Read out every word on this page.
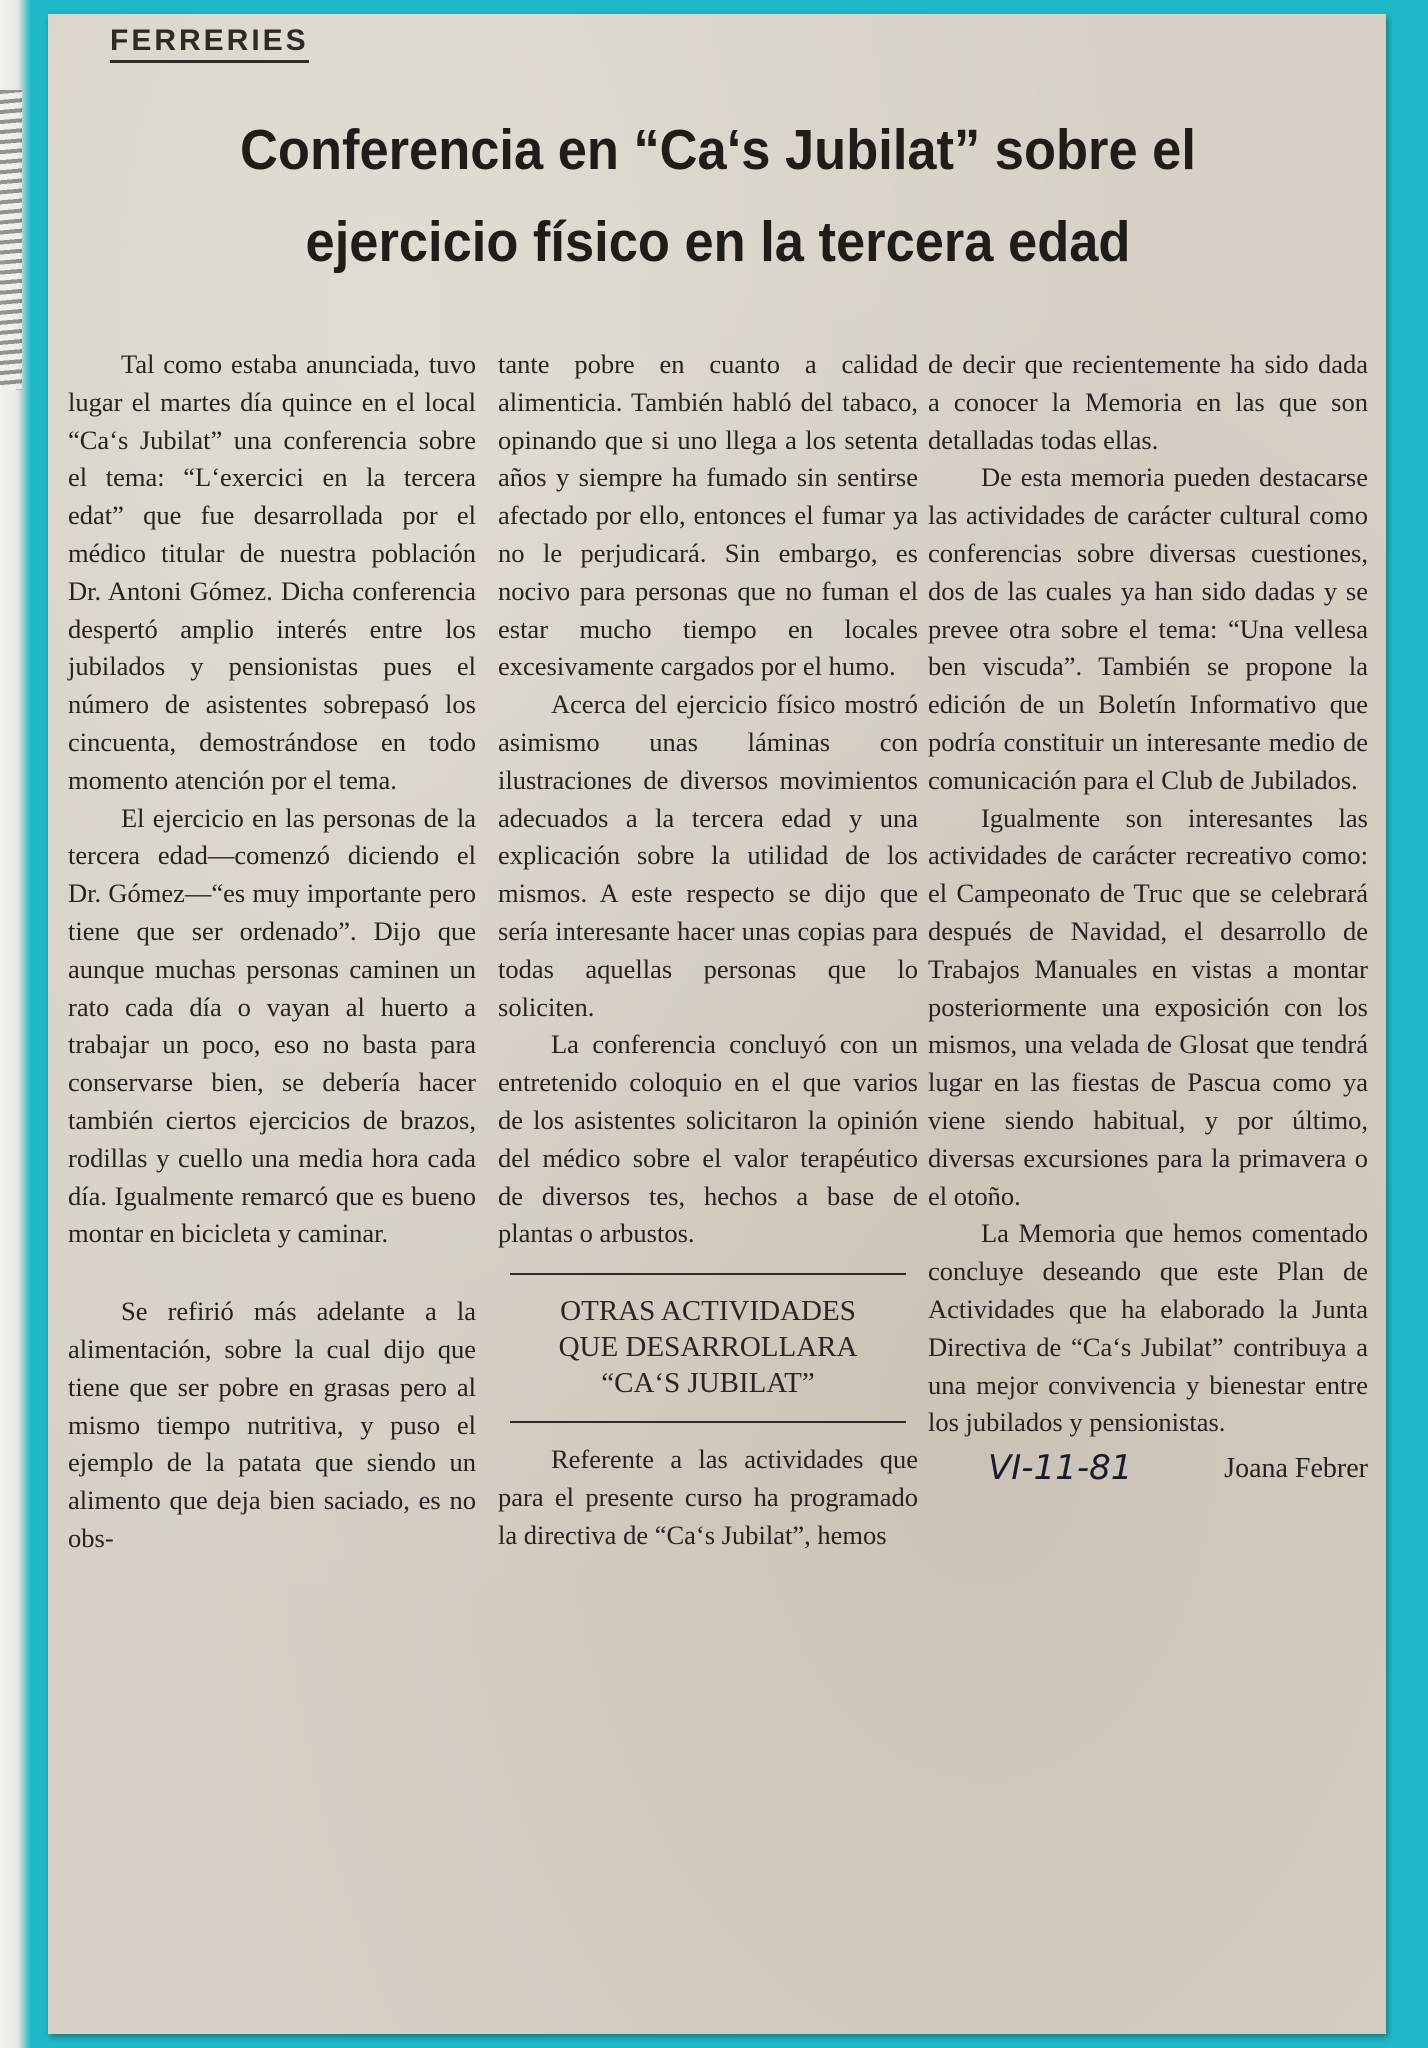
FERRERIES
Conferencia en “Ca‘s Jubilat” sobre el ejercicio físico en la tercera edad

Tal como estaba anunciada, tuvo lugar el martes día quince en el local “Ca‘s Jubilat” una conferencia sobre el tema: “L‘exercici en la tercera edat” que fue desarrollada por el médico titular de nuestra población Dr. Antoni Gómez. Dicha conferencia despertó amplio interés entre los jubilados y pensionistas pues el número de asistentes sobrepasó los cincuenta, demostrándose en todo momento atención por el tema.

El ejercicio en las personas de la tercera edad—comenzó diciendo el Dr. Gómez—“es muy importante pero tiene que ser ordenado”. Dijo que aunque muchas personas caminen un rato cada día o vayan al huerto a trabajar un poco, eso no basta para conservarse bien, se debería hacer también ciertos ejercicios de brazos, rodillas y cuello una media hora cada día. Igualmente remarcó que es bueno montar en bicicleta y caminar.

Se refirió más adelante a la alimentación, sobre la cual dijo que tiene que ser pobre en grasas pero al mismo tiempo nutritiva, y puso el ejemplo de la patata que siendo un alimento que deja bien saciado, es no obs-

tante pobre en cuanto a calidad alimenticia. También habló del tabaco, opinando que si uno llega a los setenta años y siempre ha fumado sin sentirse afectado por ello, entonces el fumar ya no le perjudicará. Sin embargo, es nocivo para personas que no fuman el estar mucho tiempo en locales excesivamente cargados por el humo.

Acerca del ejercicio físico mostró asimismo unas láminas con ilustraciones de diversos movimientos adecuados a la tercera edad y una explicación sobre la utilidad de los mismos. A este respecto se dijo que sería interesante hacer unas copias para todas aquellas personas que lo soliciten.

La conferencia concluyó con un entretenido coloquio en el que varios de los asistentes solicitaron la opinión del médico sobre el valor terapéutico de diversos tes, hechos a base de plantas o arbustos.

OTRAS ACTIVIDADES
QUE DESARROLLARA
“CA‘S JUBILAT”

Referente a las actividades que para el presente curso ha programado la directiva de “Ca‘s Jubilat”, hemos

de decir que recientemente ha sido dada a conocer la Memoria en las que son detalladas todas ellas.

De esta memoria pueden destacarse las actividades de carácter cultural como conferencias sobre diversas cuestiones, dos de las cuales ya han sido dadas y se prevee otra sobre el tema: “Una vellesa ben viscuda”. También se propone la edición de un Boletín Informativo que podría constituir un interesante medio de comunicación para el Club de Jubilados.

Igualmente son interesantes las actividades de carácter recreativo como: el Campeonato de Truc que se celebrará después de Navidad, el desarrollo de Trabajos Manuales en vistas a montar posteriormente una exposición con los mismos, una velada de Glosat que tendrá lugar en las fiestas de Pascua como ya viene siendo habitual, y por último, diversas excursiones para la primavera o el otoño.

La Memoria que hemos comentado concluye deseando que este Plan de Actividades que ha elaborado la Junta Directiva de “Ca‘s Jubilat” contribuya a una mejor convivencia y bienestar entre los jubilados y pensionistas.

VI-11-81	Joana Febrer
